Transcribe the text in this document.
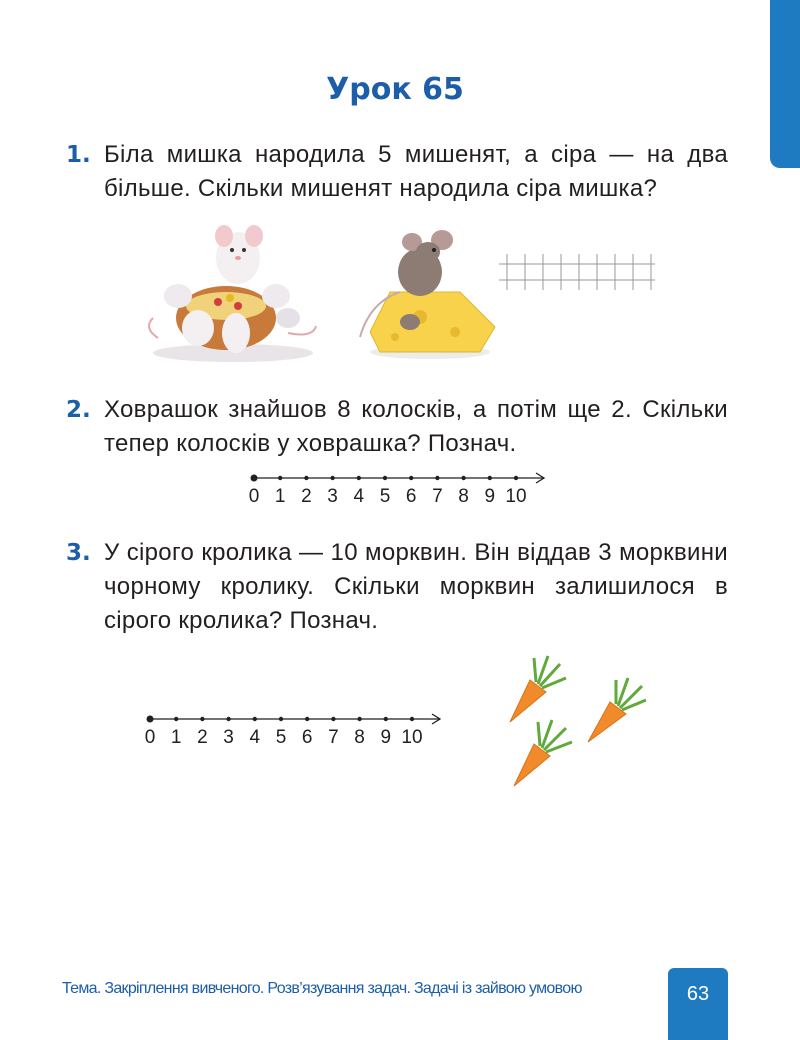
Урок 65
1. Біла мишка народила 5 мишенят, а сіра — на два більше. Скільки мишенят народила сіра мишка?
2. Ховрашок знайшов 8 колосків, а потім ще 2. Скільки тепер колосків у ховрашка? Познач.
0 1 2 3 4 5 6 7 8 9 10
3. У сірого кролика — 10 морквин. Він віддав 3 морквини чорному кролику. Скільки морквин залишилося в сірого кролика? Познач.
0 1 2 3 4 5 6 7 8 9 10
Тема. Закріплення вивченого. Розв’язування задач. Задачі із зайвою умовою	63
